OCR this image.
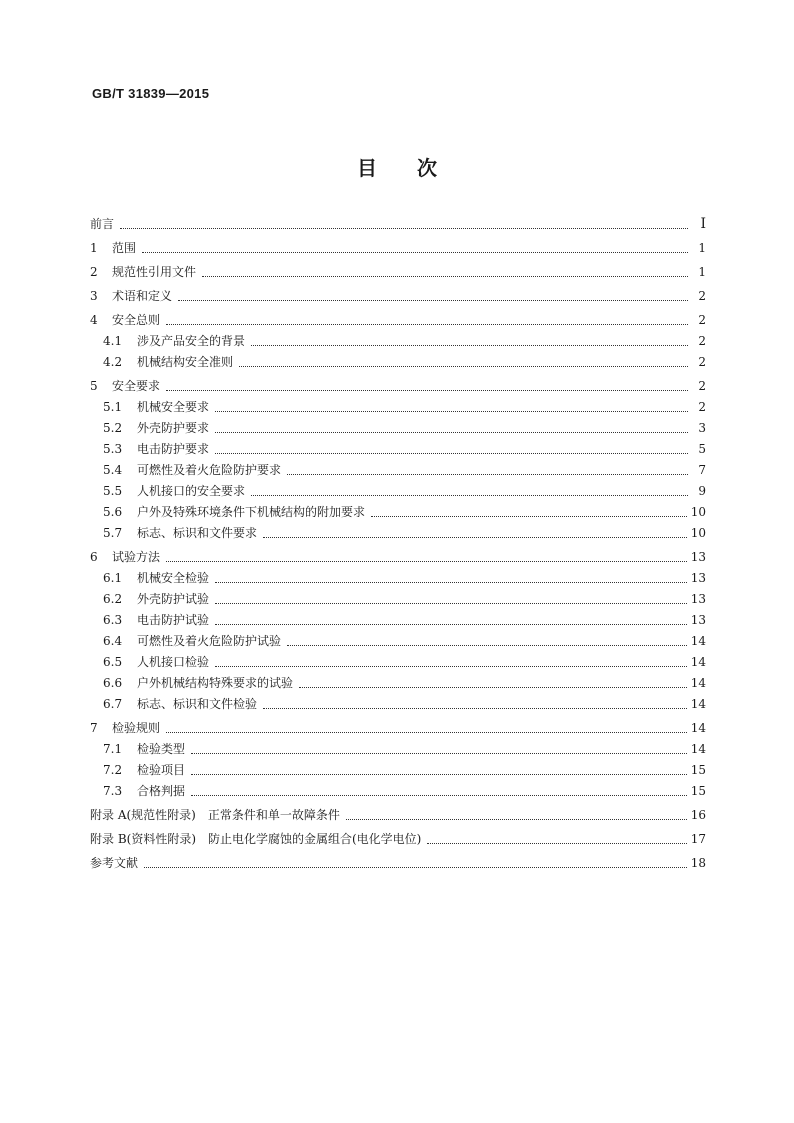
GB/T 31839—2015
目 次
前言	Ⅰ
1	范围	1
2	规范性引用文件	1
3	术语和定义	2
4	安全总则	2
4.1	涉及产品安全的背景	2
4.2	机械结构安全准则	2
5	安全要求	2
5.1	机械安全要求	2
5.2	外壳防护要求	3
5.3	电击防护要求	5
5.4	可燃性及着火危险防护要求	7
5.5	人机接口的安全要求	9
5.6	户外及特殊环境条件下机械结构的附加要求	10
5.7	标志、标识和文件要求	10
6	试验方法	13
6.1	机械安全检验	13
6.2	外壳防护试验	13
6.3	电击防护试验	13
6.4	可燃性及着火危险防护试验	14
6.5	人机接口检验	14
6.6	户外机械结构特殊要求的试验	14
6.7	标志、标识和文件检验	14
7	检验规则	14
7.1	检验类型	14
7.2	检验项目	15
7.3	合格判据	15
附录 A(规范性附录)　正常条件和单一故障条件	16
附录 B(资料性附录)　防止电化学腐蚀的金属组合(电化学电位)	17
参考文献	18
